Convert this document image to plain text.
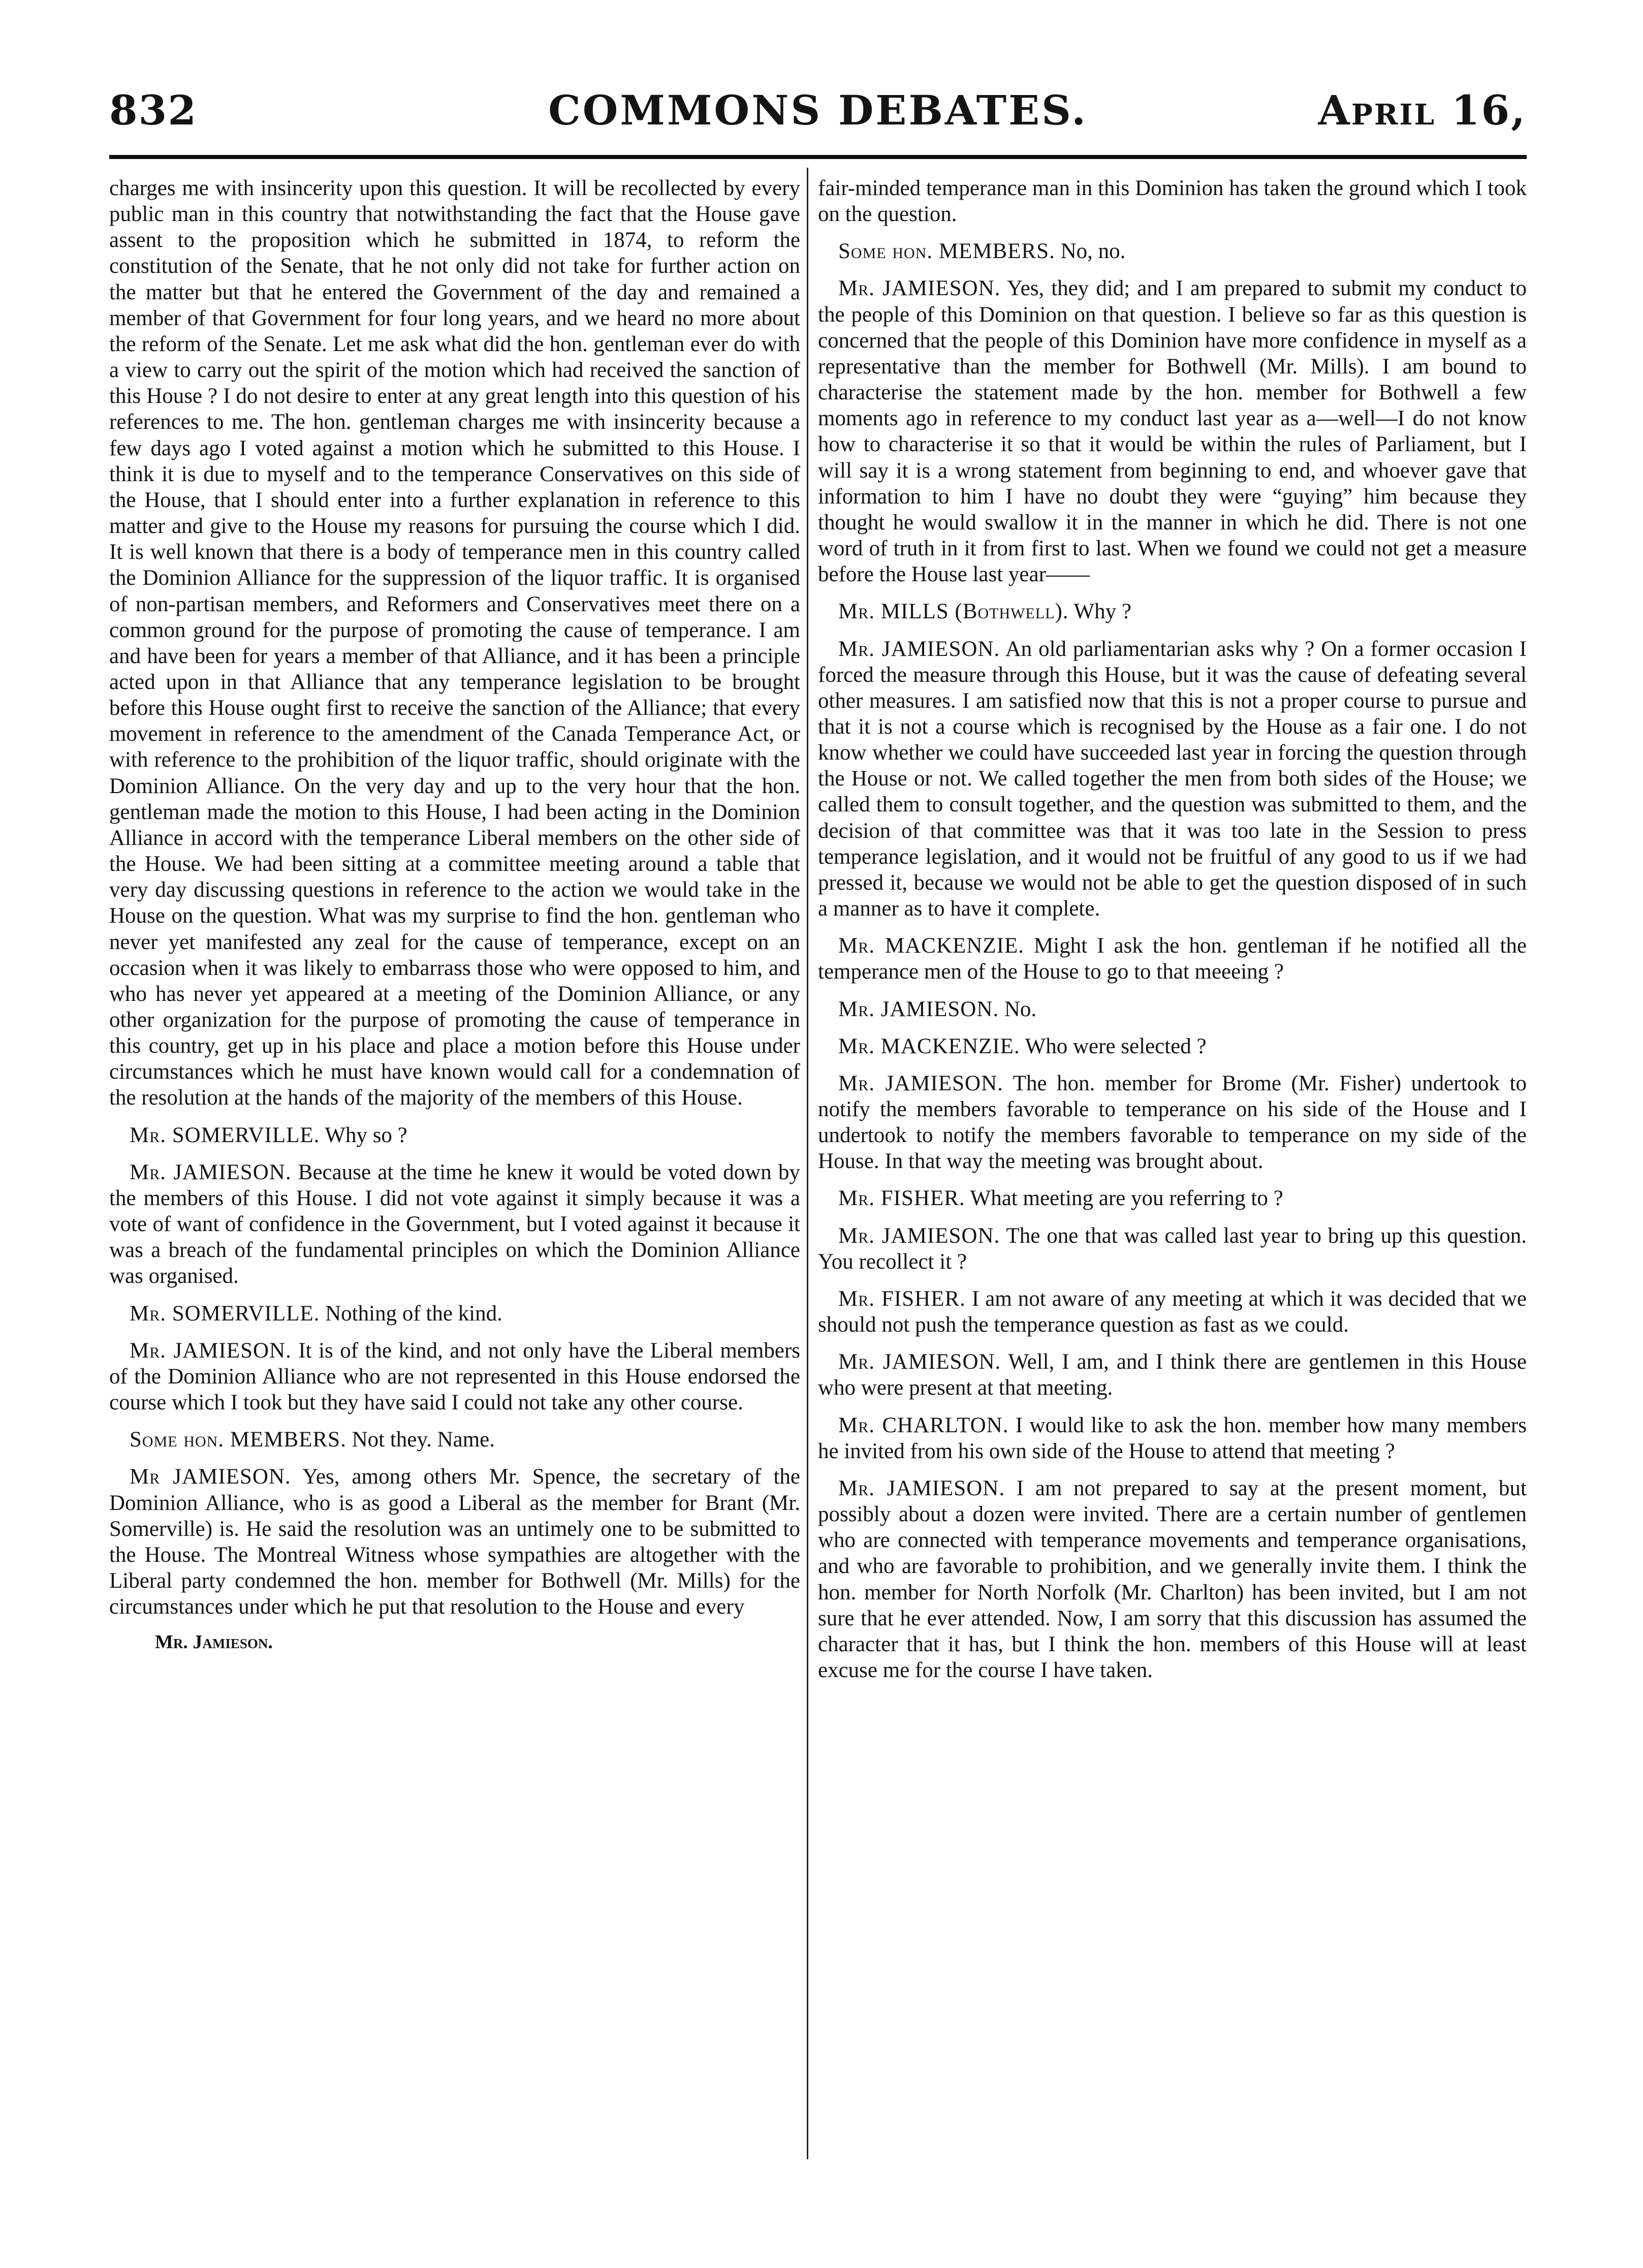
832	COMMONS DEBATES.	April 16,

charges me with insincerity upon this question. It will be recollected by every public man in this country that notwithstanding the fact that the House gave assent to the proposition which he submitted in 1874, to reform the constitution of the Senate, that he not only did not take for further action on the matter but that he entered the Government of the day and remained a member of that Government for four long years, and we heard no more about the reform of the Senate. Let me ask what did the hon. gentleman ever do with a view to carry out the spirit of the motion which had received the sanction of this House ? I do not desire to enter at any great length into this question of his references to me. The hon. gentleman charges me with insincerity because a few days ago I voted against a motion which he submitted to this House. I think it is due to myself and to the temperance Conservatives on this side of the House, that I should enter into a further explanation in reference to this matter and give to the House my reasons for pursuing the course which I did. It is well known that there is a body of temperance men in this country called the Dominion Alliance for the suppression of the liquor traffic. It is organised of non-partisan members, and Reformers and Conservatives meet there on a common ground for the purpose of promoting the cause of temperance. I am and have been for years a member of that Alliance, and it has been a principle acted upon in that Alliance that any temperance legislation to be brought before this House ought first to receive the sanction of the Alliance; that every movement in reference to the amendment of the Canada Temperance Act, or with reference to the prohibition of the liquor traffic, should originate with the Dominion Alliance. On the very day and up to the very hour that the hon. gentleman made the motion to this House, I had been acting in the Dominion Alliance in accord with the temperance Liberal members on the other side of the House. We had been sitting at a committee meeting around a table that very day discussing questions in reference to the action we would take in the House on the question. What was my surprise to find the hon. gentleman who never yet manifested any zeal for the cause of temperance, except on an occasion when it was likely to embarrass those who were opposed to him, and who has never yet appeared at a meeting of the Dominion Alliance, or any other organization for the purpose of promoting the cause of temperance in this country, get up in his place and place a motion before this House under circumstances which he must have known would call for a condemnation of the resolution at the hands of the majority of the members of this House.

Mr. SOMERVILLE. Why so ?

Mr. JAMIESON. Because at the time he knew it would be voted down by the members of this House. I did not vote against it simply because it was a vote of want of confidence in the Government, but I voted against it because it was a breach of the fundamental principles on which the Dominion Alliance was organised.

Mr. SOMERVILLE. Nothing of the kind.

Mr. JAMIESON. It is of the kind, and not only have the Liberal members of the Dominion Alliance who are not represented in this House endorsed the course which I took but they have said I could not take any other course.

Some hon. MEMBERS. Not they. Name.

Mr JAMIESON. Yes, among others Mr. Spence, the secretary of the Dominion Alliance, who is as good a Liberal as the member for Brant (Mr. Somerville) is. He said the resolution was an untimely one to be submitted to the House. The Montreal Witness whose sympathies are altogether with the Liberal party condemned the hon. member for Bothwell (Mr. Mills) for the circumstances under which he put that resolution to the House and every

Mr. Jamieson.

fair-minded temperance man in this Dominion has taken the ground which I took on the question.

Some hon. MEMBERS. No, no.

Mr. JAMIESON. Yes, they did; and I am prepared to submit my conduct to the people of this Dominion on that question. I believe so far as this question is concerned that the people of this Dominion have more confidence in myself as a representative than the member for Bothwell (Mr. Mills). I am bound to characterise the statement made by the hon. member for Bothwell a few moments ago in reference to my conduct last year as a—well—I do not know how to characterise it so that it would be within the rules of Parliament, but I will say it is a wrong statement from beginning to end, and whoever gave that information to him I have no doubt they were “guying” him because they thought he would swallow it in the manner in which he did. There is not one word of truth in it from first to last. When we found we could not get a measure before the House last year——

Mr. MILLS (Bothwell). Why ?

Mr. JAMIESON. An old parliamentarian asks why ? On a former occasion I forced the measure through this House, but it was the cause of defeating several other measures. I am satisfied now that this is not a proper course to pursue and that it is not a course which is recognised by the House as a fair one. I do not know whether we could have succeeded last year in forcing the question through the House or not. We called together the men from both sides of the House; we called them to consult together, and the question was submitted to them, and the decision of that committee was that it was too late in the Session to press temperance legislation, and it would not be fruitful of any good to us if we had pressed it, because we would not be able to get the question disposed of in such a manner as to have it complete.

Mr. MACKENZIE. Might I ask the hon. gentleman if he notified all the temperance men of the House to go to that meeeing ?

Mr. JAMIESON. No.

Mr. MACKENZIE. Who were selected ?

Mr. JAMIESON. The hon. member for Brome (Mr. Fisher) undertook to notify the members favorable to temperance on his side of the House and I undertook to notify the members favorable to temperance on my side of the House. In that way the meeting was brought about.

Mr. FISHER. What meeting are you referring to ?

Mr. JAMIESON. The one that was called last year to bring up this question. You recollect it ?

Mr. FISHER. I am not aware of any meeting at which it was decided that we should not push the temperance question as fast as we could.

Mr. JAMIESON. Well, I am, and I think there are gentlemen in this House who were present at that meeting.

Mr. CHARLTON. I would like to ask the hon. member how many members he invited from his own side of the House to attend that meeting ?

Mr. JAMIESON. I am not prepared to say at the present moment, but possibly about a dozen were invited. There are a certain number of gentlemen who are connected with temperance movements and temperance organisations, and who are favorable to prohibition, and we generally invite them. I think the hon. member for North Norfolk (Mr. Charlton) has been invited, but I am not sure that he ever attended. Now, I am sorry that this discussion has assumed the character that it has, but I think the hon. members of this House will at least excuse me for the course I have taken.
